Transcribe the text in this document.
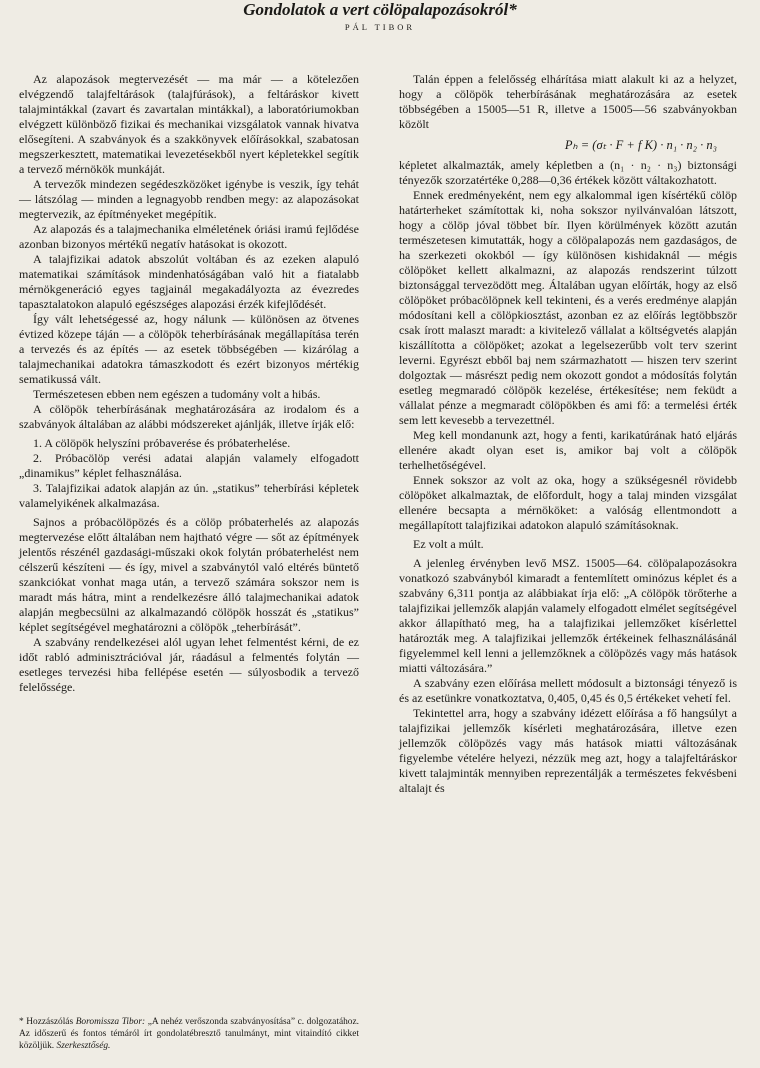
Gondolatok a vert cölöpalapozásokról*
PÁL TIBOR

Az alapozások megtervezését — ma már — a kötelezően elvégzendő talajfeltárások (talajfúrások), a feltáráskor kivett talajmintákkal (zavart és zavartalan mintákkal), a laboratóriumokban elvégzett különböző fizikai és mechanikai vizsgálatok vannak hivatva elősegíteni. A szabványok és a szakkönyvek előírásokkal, szabatosan megszerkesztett, matematikai levezetésekből nyert képletekkel segítik a tervező mérnökök munkáját.

A tervezők mindezen segédeszközöket igénybe is veszik, így tehát — látszólag — minden a legnagyobb rendben megy: az alapozásokat megtervezik, az építményeket megépítik.

Az alapozás és a talajmechanika elméletének óriási iramú fejlődése azonban bizonyos mértékű negatív hatásokat is okozott.

A talajfizikai adatok abszolút voltában és az ezeken alapuló matematikai számítások mindenhatóságában való hit a fiatalabb mérnökgeneráció egyes tagjainál megakadályozta az évezredes tapasztalatokon alapuló egészséges alapozási érzék kifejlődését.

Így vált lehetségessé az, hogy nálunk — különösen az ötvenes évtized közepe táján — a cölöpök teherbírásának megállapítása terén a tervezés és az építés — az esetek többségében — kizárólag a talajmechanikai adatokra támaszkodott és ezért bizonyos mértékig sematikussá vált.

Természetesen ebben nem egészen a tudomány volt a hibás.

A cölöpök teherbírásának meghatározására az irodalom és a szabványok általában az alábbi módszereket ajánlják, illetve írják elő:

1. A cölöpök helyszíni próbaverése és próbaterhelése.

2. Próbacölöp verési adatai alapján valamely elfogadott „dinamikus” képlet felhasználása.

3. Talajfizikai adatok alapján az ún. „statikus” teherbírási képletek valamelyikének alkalmazása.

Sajnos a próbacölöpözés és a cölöp próbaterhelés az alapozás megtervezése előtt általában nem hajtható végre — sőt az építmények jelentős részénél gazdasági-műszaki okok folytán próbaterhelést nem célszerű készíteni — és így, mivel a szabványtól való eltérés büntető szankciókat vonhat maga után, a tervező számára sokszor nem is maradt más hátra, mint a rendelkezésre álló talajmechanikai adatok alapján megbecsülni az alkalmazandó cölöpök hosszát és „statikus” képlet segítségével meghatározni a cölöpök „teherbírását”.

A szabvány rendelkezései alól ugyan lehet felmentést kérni, de ez időt rabló adminisztrációval jár, ráadásul a felmentés folytán — esetleges tervezési hiba fellépése esetén — súlyosbodik a tervező felelőssége.

* Hozzászólás Boromissza Tibor: „A nehéz verőszonda szabványosítása” c. dolgozatához. Az időszerű és fontos témáról írt gondolatébresztő tanulmányt, mint vitaindító cikket közöljük. Szerkesztőség.

Talán éppen a felelősség elhárítása miatt alakult ki az a helyzet, hogy a cölöpök teherbírásának meghatározására az esetek többségében a 15005—51 R, illetve a 15005—56 szabványokban közölt

Pₕ = (σₜ · F + f K) · n₁ · n₂ · n₃

képletet alkalmazták, amely képletben a (n₁ · n₂ · n₃) biztonsági tényezők szorzatértéke 0,288—0,36 értékek között váltakozhatott.

Ennek eredményeként, nem egy alkalommal igen kísértékű cölöp határterheket számítottak ki, noha sokszor nyilvánvalóan látszott, hogy a cölöp jóval többet bír. Ilyen körülmények között azután természetesen kimutatták, hogy a cölöpalapozás nem gazdaságos, de ha szerkezeti okokból — így különösen kishidaknál — mégis cölöpöket kellett alkalmazni, az alapozás rendszerint túlzott biztonsággal tervezödött meg. Általában ugyan előírták, hogy az első cölöpöket próbacölöpnek kell tekinteni, és a verés eredménye alapján módosítani kell a cölöpkiosztást, azonban ez az előírás legtöbbször csak írott malaszt maradt: a kivitelező vállalat a költségvetés alapján kiszállította a cölöpöket; azokat a legelsezerűbb volt terv szerint leverni. Egyrészt ebből baj nem származhatott — hiszen terv szerint dolgoztak — másrészt pedig nem okozott gondot a módosítás folytán esetleg megmaradó cölöpök kezelése, értékesítése; nem feküdt a vállalat pénze a megmaradt cölöpökben és ami fő: a termelési érték sem lett kevesebb a tervezettnél.

Meg kell mondanunk azt, hogy a fenti, karikatúrának ható eljárás ellenére akadt olyan eset is, amikor baj volt a cölöpök terhelhetőségével.

Ennek sokszor az volt az oka, hogy a szükségesnél rövidebb cölöpöket alkalmaztak, de előfordult, hogy a talaj minden vizsgálat ellenére becsapta a mérnököket: a valóság ellentmondott a megállapított talajfizikai adatokon alapuló számításoknak.

Ez volt a múlt.

A jelenleg érvényben levő MSZ. 15005—64. cölöpalapozásokra vonatkozó szabványból kimaradt a fentemlített ominózus képlet és a szabvány 6,311 pontja az alábbiakat írja elő: „A cölöpök törőterhe a talajfizikai jellemzők alapján valamely elfogadott elmélet segítségével akkor állapítható meg, ha a talajfizikai jellemzőket kísérlettel határozták meg. A talajfizikai jellemzők értékeinek felhasználásánál figyelemmel kell lenni a jellemzőknek a cölöpözés vagy más hatások miatti változására.”

A szabvány ezen előírása mellett módosult a biztonsági tényező is és az esetünkre vonatkoztatva, 0,405, 0,45 és 0,5 értékeket vehetí fel.

Tekintettel arra, hogy a szabvány idézett előírása a fő hangsúlyt a talajfizikai jellemzők kísérleti meghatározására, illetve ezen jellemzők cölöpözés vagy más hatások miatti változásának figyelembe vételére helyezi, nézzük meg azt, hogy a talajfeltáráskor kivett talajminták mennyiben reprezentálják a természetes fekvésbeni altalajt és
